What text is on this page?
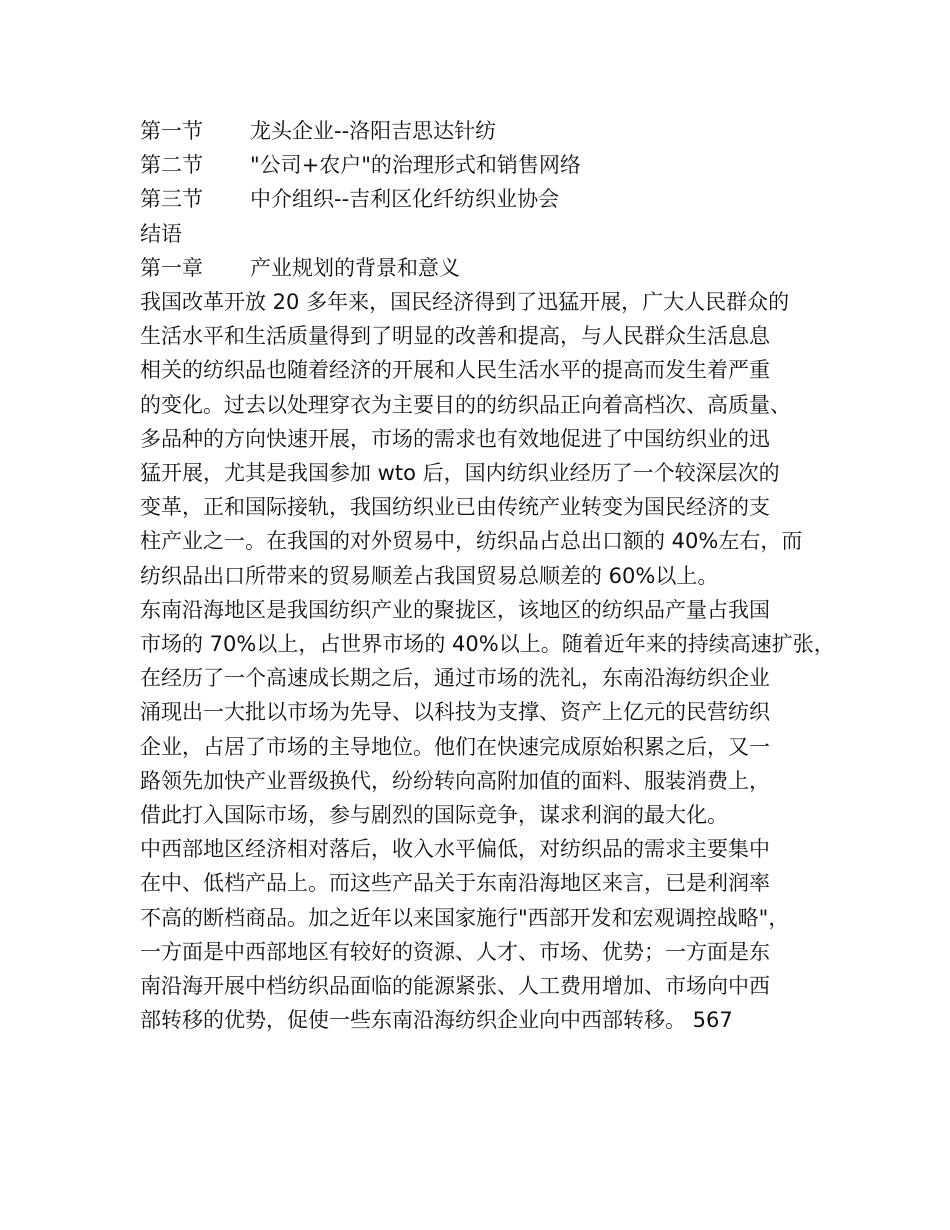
第一节	龙头企业--洛阳吉思达针纺
第二节	"公司+农户"的治理形式和销售网络
第三节	中介组织--吉利区化纤纺织业协会
结语
第一章	产业规划的背景和意义
我国改革开放 20 多年来，国民经济得到了迅猛开展，广大人民群众的
生活水平和生活质量得到了明显的改善和提高，与人民群众生活息息
相关的纺织品也随着经济的开展和人民生活水平的提高而发生着严重
的变化。过去以处理穿衣为主要目的的纺织品正向着高档次、高质量、
多品种的方向快速开展，市场的需求也有效地促进了中国纺织业的迅
猛开展，尤其是我国参加 wto 后，国内纺织业经历了一个较深层次的
变革，正和国际接轨，我国纺织业已由传统产业转变为国民经济的支
柱产业之一。在我国的对外贸易中，纺织品占总出口额的 40%左右，而
纺织品出口所带来的贸易顺差占我国贸易总顺差的 60%以上。
东南沿海地区是我国纺织产业的聚拢区，该地区的纺织品产量占我国
市场的 70%以上，占世界市场的 40%以上。随着近年来的持续高速扩张，
在经历了一个高速成长期之后，通过市场的洗礼，东南沿海纺织企业
涌现出一大批以市场为先导、以科技为支撑、资产上亿元的民营纺织
企业，占居了市场的主导地位。他们在快速完成原始积累之后，又一
路领先加快产业晋级换代，纷纷转向高附加值的面料、服装消费上，
借此打入国际市场，参与剧烈的国际竞争，谋求利润的最大化。
中西部地区经济相对落后，收入水平偏低，对纺织品的需求主要集中
在中、低档产品上。而这些产品关于东南沿海地区来言，已是利润率
不高的断档商品。加之近年以来国家施行"西部开发和宏观调控战略"，
一方面是中西部地区有较好的资源、人才、市场、优势；一方面是东
南沿海开展中档纺织品面临的能源紧张、人工费用增加、市场向中西
部转移的优势，促使一些东南沿海纺织企业向中西部转移。 567
